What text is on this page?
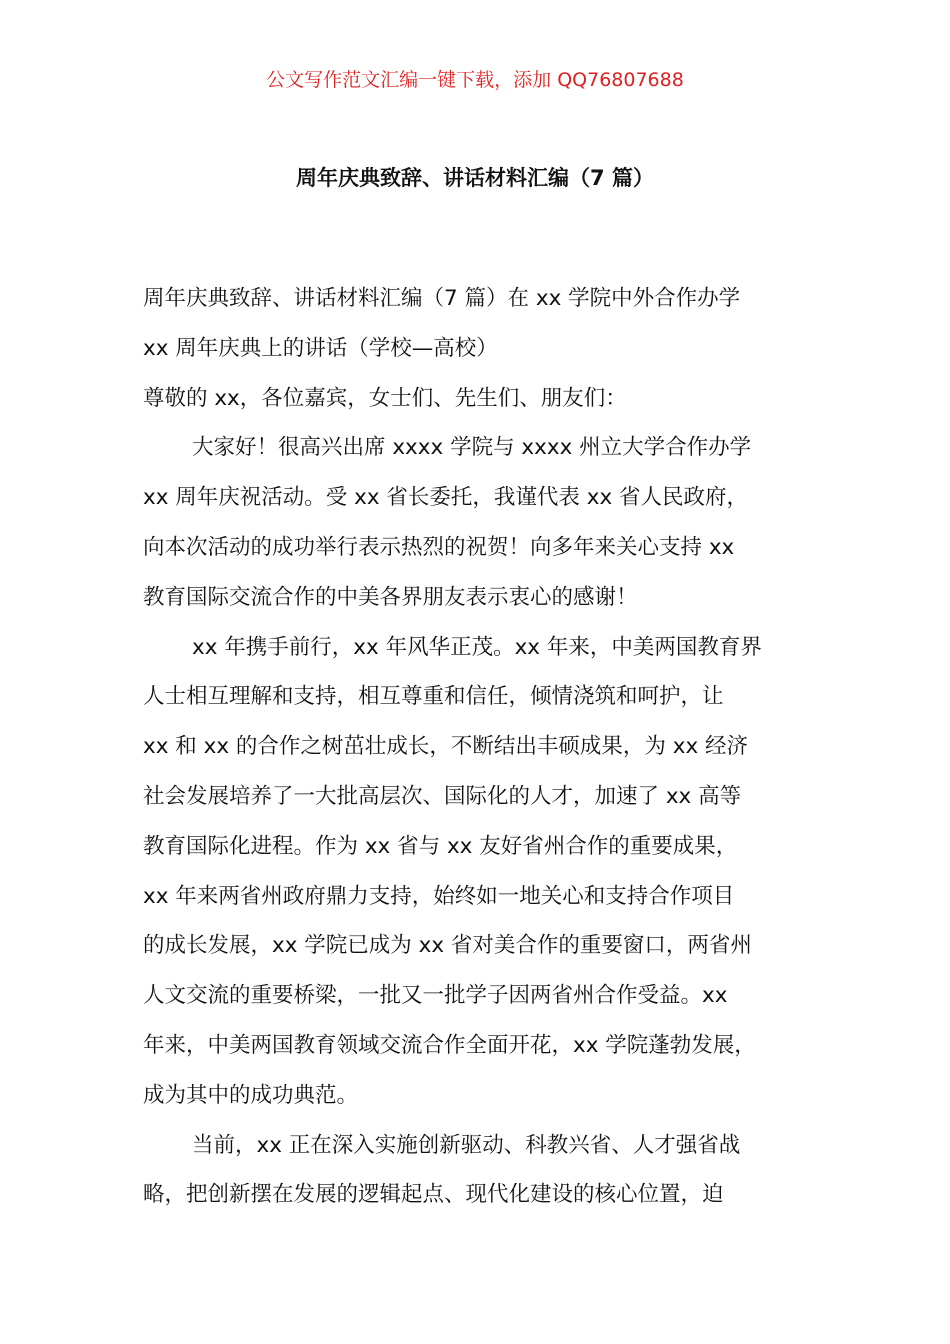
公文写作范文汇编一键下载，添加 QQ76807688
周年庆典致辞、讲话材料汇编（7 篇）
周年庆典致辞、讲话材料汇编（7 篇）在 xx 学院中外合作办学
xx 周年庆典上的讲话（学校—高校）
尊敬的 xx，各位嘉宾，女士们、先生们、朋友们：
大家好！很高兴出席 xxxx 学院与 xxxx 州立大学合作办学
xx 周年庆祝活动。受 xx 省长委托，我谨代表 xx 省人民政府，
向本次活动的成功举行表示热烈的祝贺！向多年来关心支持 xx
教育国际交流合作的中美各界朋友表示衷心的感谢！
xx 年携手前行，xx 年风华正茂。xx 年来，中美两国教育界
人士相互理解和支持，相互尊重和信任，倾情浇筑和呵护，让
xx 和 xx 的合作之树茁壮成长，不断结出丰硕成果，为 xx 经济
社会发展培养了一大批高层次、国际化的人才，加速了 xx 高等
教育国际化进程。作为 xx 省与 xx 友好省州合作的重要成果，
xx 年来两省州政府鼎力支持，始终如一地关心和支持合作项目
的成长发展，xx 学院已成为 xx 省对美合作的重要窗口，两省州
人文交流的重要桥梁，一批又一批学子因两省州合作受益。xx
年来，中美两国教育领域交流合作全面开花，xx 学院蓬勃发展，
成为其中的成功典范。
当前，xx 正在深入实施创新驱动、科教兴省、人才强省战
略，把创新摆在发展的逻辑起点、现代化建设的核心位置，迫
